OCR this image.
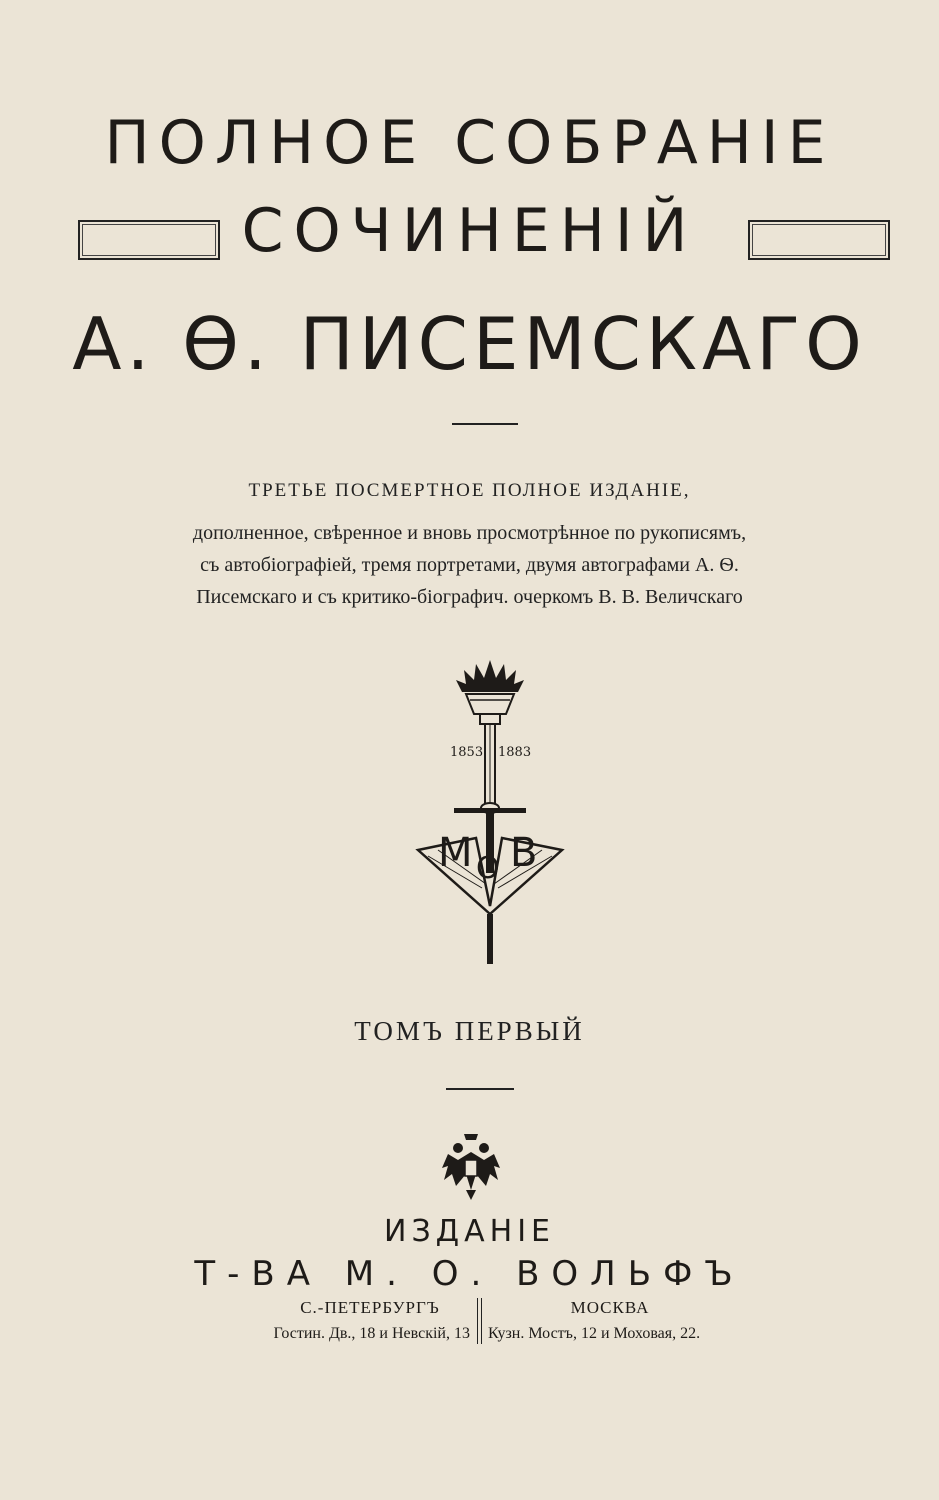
ПОЛНОЕ СОБРАНІЕ
СОЧИНЕНІЙ
А. Ѳ. ПИСЕМСКАГО
ТРЕТЬЕ ПОСМЕРТНОЕ ПОЛНОЕ ИЗДАНІЕ,
дополненное, свѣренное и вновь просмотрѣнное по рукописямъ,
съ автобіографіей, тремя портретами, двумя автографами А. Ѳ.
Писемскаго и съ критико-біографич. очеркомъ В. В. Величскаго
1853 1883
М О В
ТОМЪ ПЕРВЫЙ
ИЗДАНІЕ
Т-ВА М. О. ВОЛЬФЪ
С.-ПЕТЕРБУРГЪ
Гостин. Дв., 18 и Невскій, 13
МОСКВА
Кузн. Мостъ, 12 и Моховая, 22.
